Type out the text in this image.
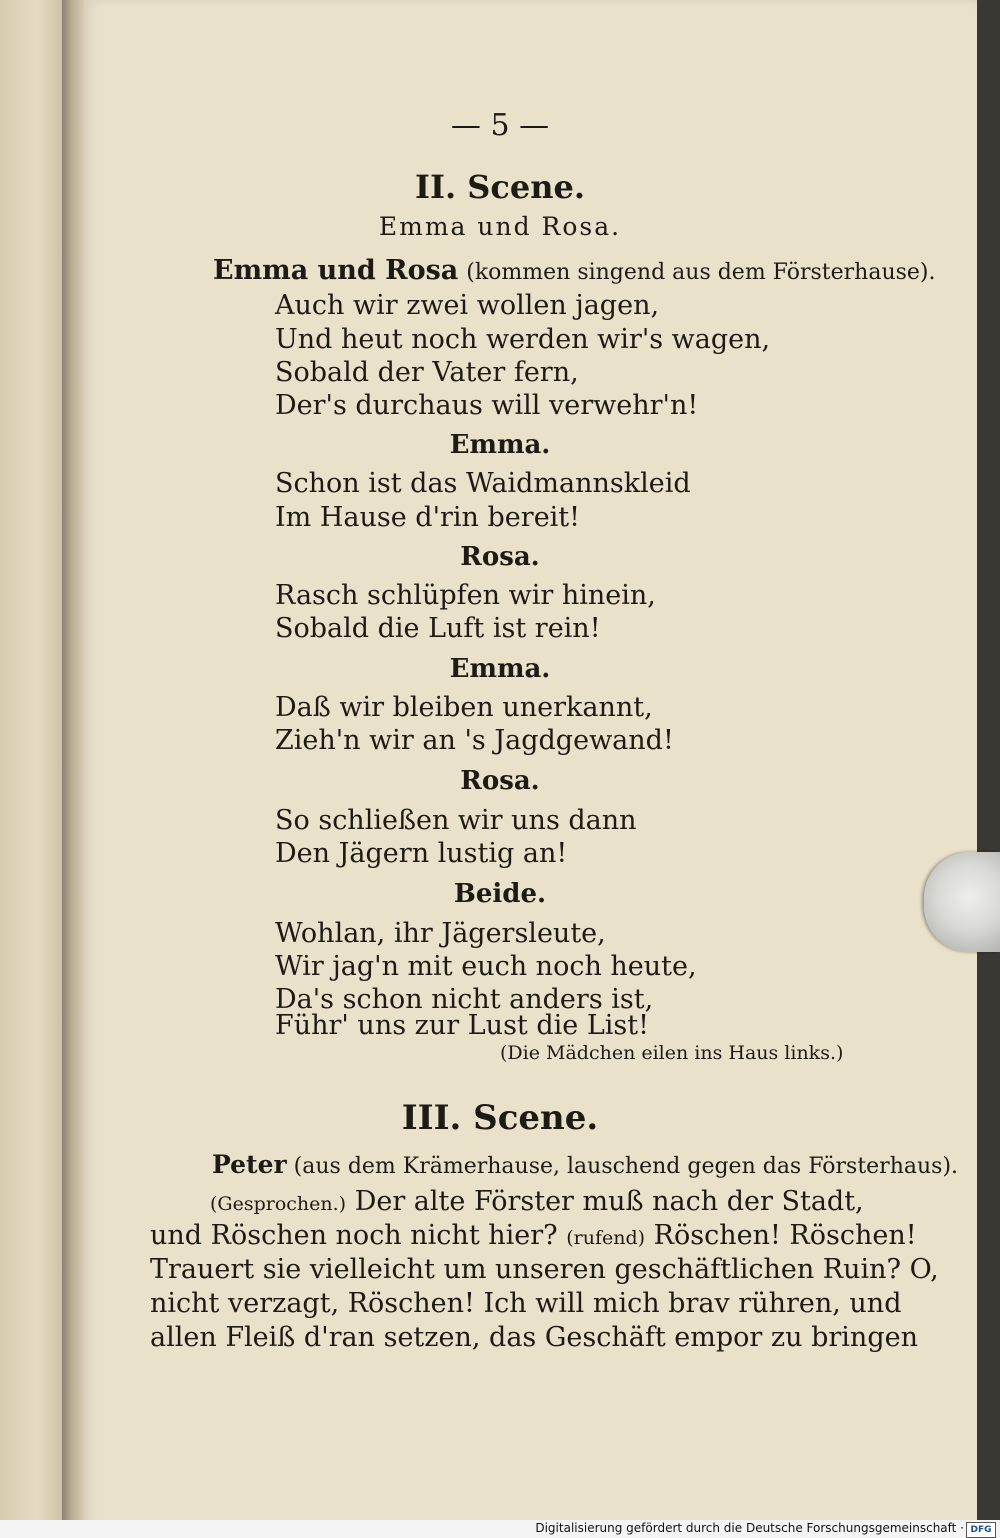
— 5 —
II. Scene.
Emma und Rosa.
Emma und Rosa (kommen singend aus dem Försterhause).
Auch wir zwei wollen jagen,
Und heut noch werden wir's wagen,
Sobald der Vater fern,
Der's durchaus will verwehr'n!
Emma.
Schon ist das Waidmannskleid
Im Hause d'rin bereit!
Rosa.
Rasch schlüpfen wir hinein,
Sobald die Luft ist rein!
Emma.
Daß wir bleiben unerkannt,
Zieh'n wir an 's Jagdgewand!
Rosa.
So schließen wir uns dann
Den Jägern lustig an!
Beide.
Wohlan, ihr Jägersleute,
Wir jag'n mit euch noch heute,
Da's schon nicht anders ist,
Führ' uns zur Lust die List!
(Die Mädchen eilen ins Haus links.)
III. Scene.
Peter (aus dem Krämerhause, lauschend gegen das Försterhaus).
(Gesprochen.) Der alte Förster muß nach der Stadt,
und Röschen noch nicht hier? (rufend) Röschen! Röschen!
Trauert sie vielleicht um unseren geschäftlichen Ruin? O,
nicht verzagt, Röschen! Ich will mich brav rühren, und
allen Fleiß d'ran setzen, das Geschäft empor zu bringen
Digitalisierung gefördert durch die Deutsche Forschungsgemeinschaft · DFG
